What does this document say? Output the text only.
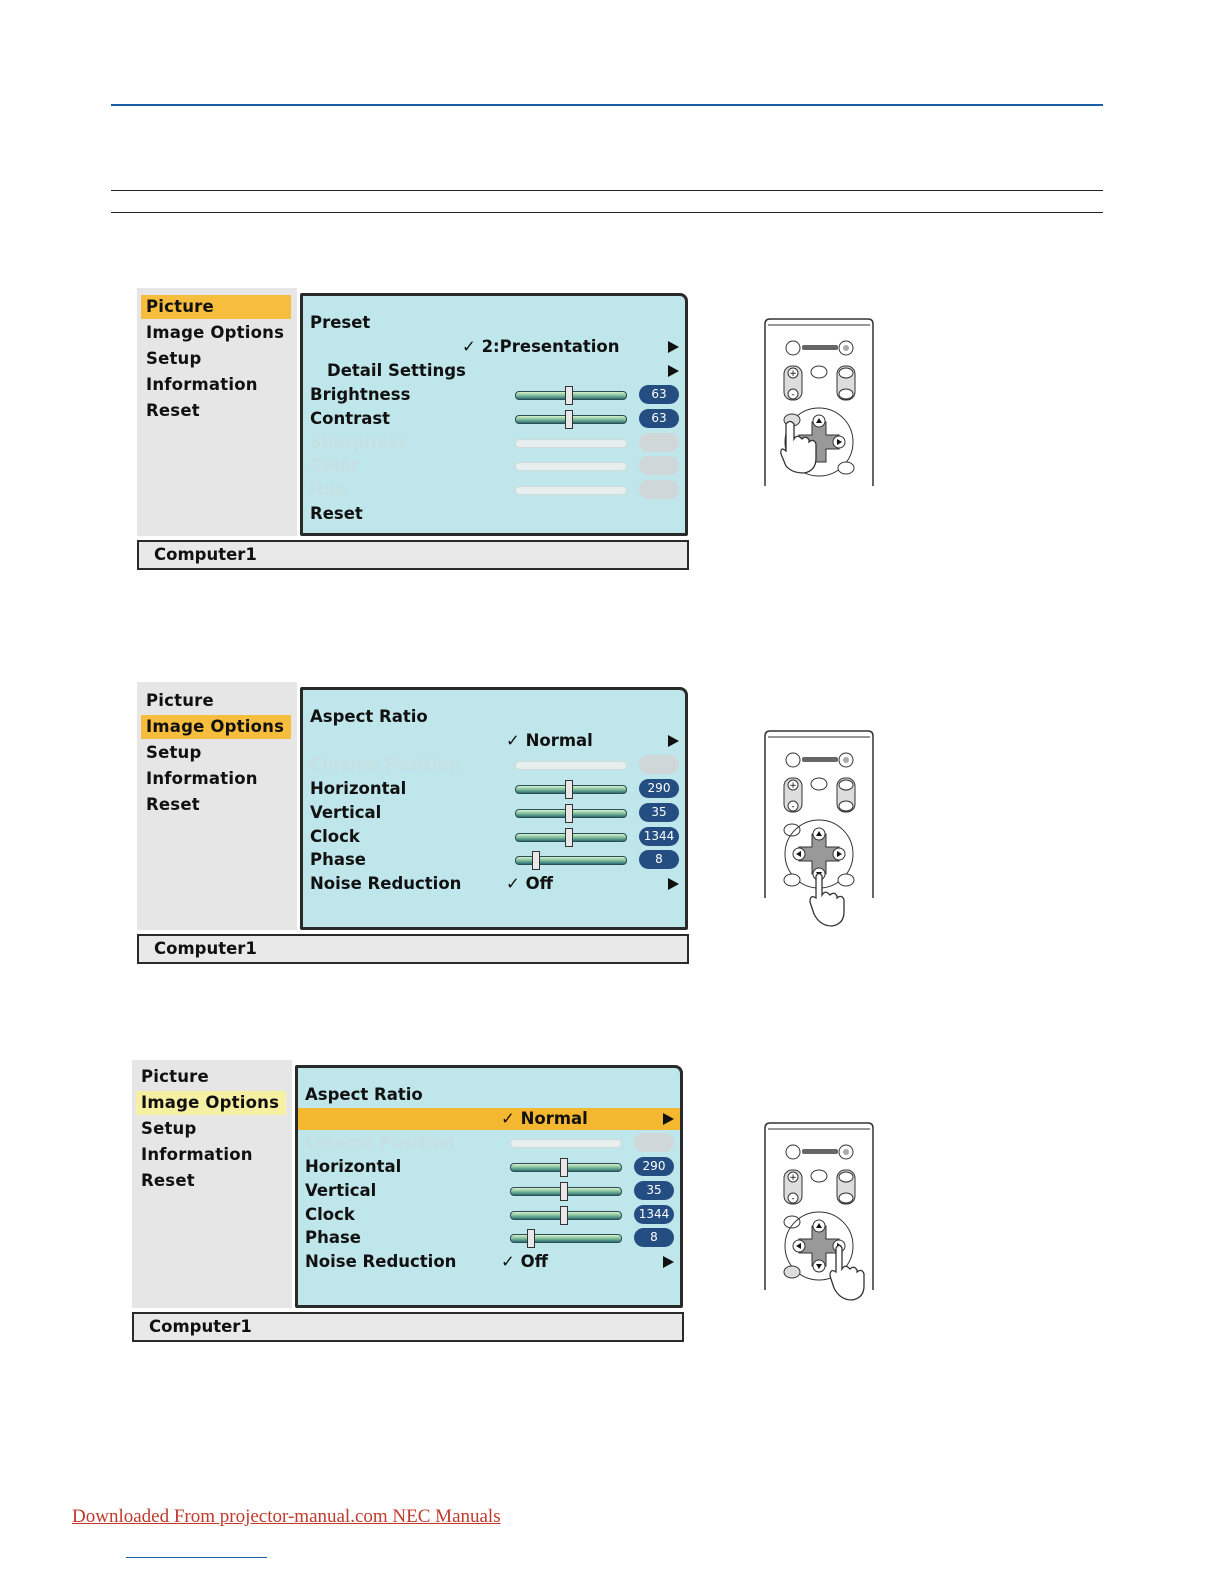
Picture
Image Options
Setup
Information
Reset
Preset
✓ 2:Presentation
Detail Settings
Brightness	63
Contrast	63
Sharpness
Color
Hue
Reset
Computer1
Picture
Image Options
Setup
Information
Reset
Aspect Ratio
✓ Normal
Cinema Position
Horizontal	290
Vertical	35
Clock	1344
Phase	8
Noise Reduction	✓ Off
Computer1
Picture
Image Options
Setup
Information
Reset
Aspect Ratio
✓ Normal
Cinema Position
Horizontal	290
Vertical	35
Clock	1344
Phase	8
Noise Reduction	✓ Off
Computer1
+
-
+
-
+
-
Downloaded From projector-manual.com NEC Manuals
